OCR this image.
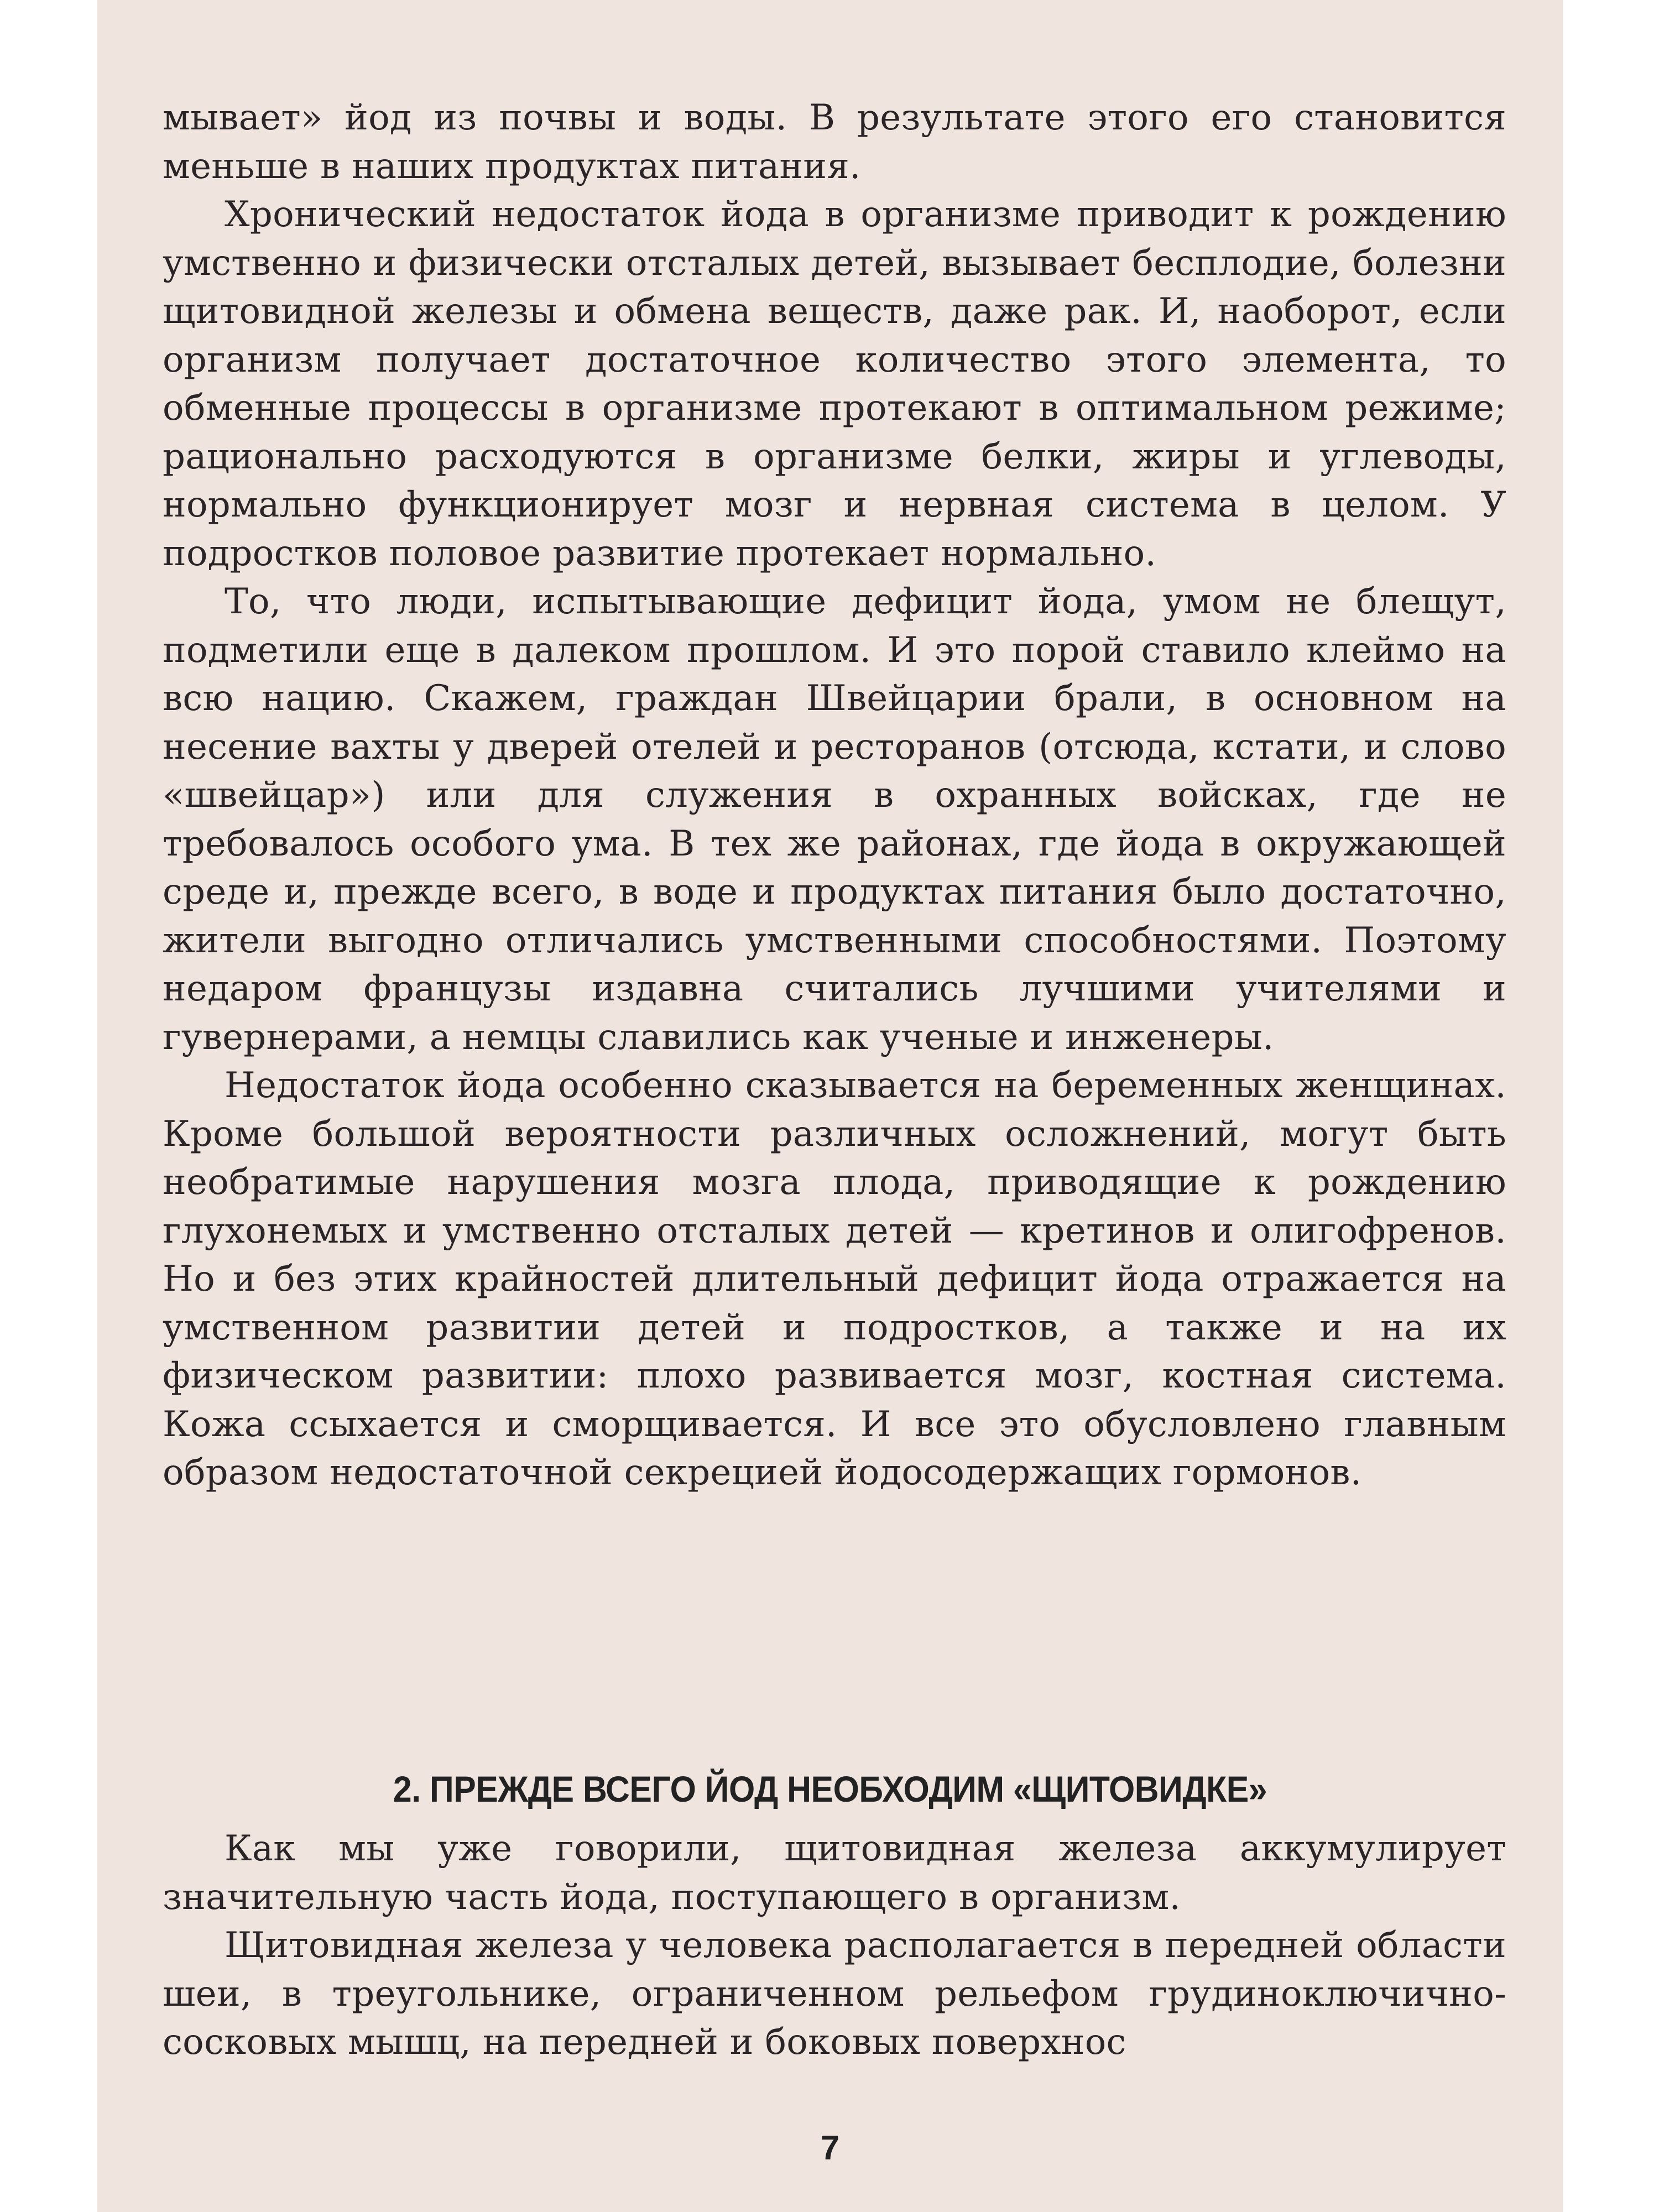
мывает» йод из почвы и воды. В результате этого его становится меньше в наших продуктах питания.

Хронический недостаток йода в организме приводит к рождению умственно и физически отсталых детей, вызывает бесплодие, болезни щитовидной железы и обмена веществ, даже рак. И, наоборот, если организм получает достаточное количество этого элемента, то обменные процессы в организме протекают в оптимальном режиме; рационально расходуются в организме белки, жиры и углеводы, нормально функционирует мозг и нервная система в целом. У подростков половое развитие протекает нормально.

То, что люди, испытывающие дефицит йода, умом не блещут, подметили еще в далеком прошлом. И это порой ставило клеймо на всю нацию. Скажем, граждан Швейцарии брали, в основном на несение вахты у дверей отелей и ресторанов (отсюда, кстати, и слово «швейцар») или для служения в охранных войсках, где не требовалось особого ума. В тех же районах, где йода в окружающей среде и, прежде всего, в воде и продуктах питания было достаточно, жители выгодно отличались умственными способностями. Поэтому недаром французы издавна считались лучшими учителями и гувернерами, а немцы славились как ученые и инженеры.

Недостаток йода особенно сказывается на беременных женщинах. Кроме большой вероятности различных осложнений, могут быть необратимые нарушения мозга плода, приводящие к рождению глухонемых и умственно отсталых детей — кретинов и олигофренов. Но и без этих крайностей длительный дефицит йода отражается на умственном развитии детей и подростков, а также и на их физическом развитии: плохо развивается мозг, костная система. Кожа ссыхается и сморщивается. И все это обусловлено главным образом недостаточной секрецией йодосодержащих гормонов.

2. ПРЕЖДЕ ВСЕГО ЙОД НЕОБХОДИМ «ЩИТОВИДКЕ»

Как мы уже говорили, щитовидная железа аккумулирует значительную часть йода, поступающего в организм.

Щитовидная железа у человека располагается в передней области шеи, в треугольнике, ограниченном рельефом грудиноключично-сосковых мышц, на передней и боковых поверхнос

7
